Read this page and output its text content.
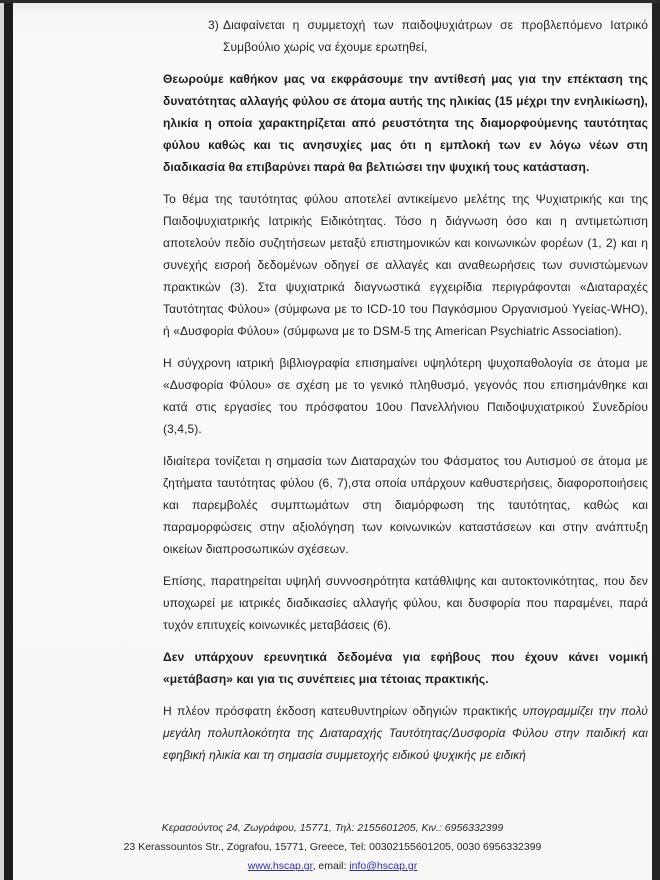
3) Διαφαίνεται η συμμετοχή των παιδοψυχιάτρων σε προβλεπόμενο Ιατρικό Συμβούλιο χωρίς να έχουμε ερωτηθεί,

Θεωρούμε καθήκον μας να εκφράσουμε την αντίθεσή μας για την επέκταση της δυνατότητας αλλαγής φύλου σε άτομα αυτής της ηλικίας (15 μέχρι την ενηλικίωση), ηλικία η οποία χαρακτηρίζεται από ρευστότητα της διαμορφούμενης ταυτότητας φύλου καθώς και τις ανησυχίες μας ότι η εμπλοκή των εν λόγω νέων στη διαδικασία θα επιβαρύνει παρά θα βελτιώσει την ψυχική τους κατάσταση.

Το θέμα της ταυτότητας φύλου αποτελεί αντικείμενο μελέτης της Ψυχιατρικής και της Παιδοψυχιατρικής Ιατρικής Ειδικότητας. Τόσο η διάγνωση όσο και η αντιμετώπιση αποτελούν πεδίο συζητήσεων μεταξύ επιστημονικών και κοινωνικών φορέων (1, 2) και η συνεχής εισροή δεδομένων οδηγεί σε αλλαγές και αναθεωρήσεις των συνιστώμενων πρακτικών (3). Στα ψυχιατρικά διαγνωστικά εγχειρίδια περιγράφονται «Διαταραχές Ταυτότητας Φύλου» (σύμφωνα με το ICD-10 του Παγκόσμιου Οργανισμού Υγείας-WHO), ή «Δυσφορία Φύλου» (σύμφωνα με το DSM-5 της American Psychiatric Association).

Η σύγχρονη ιατρική βιβλιογραφία επισημαίνει υψηλότερη ψυχοπαθολογία σε άτομα με «Δυσφορία Φύλου» σε σχέση με το γενικό πληθυσμό, γεγονός που επισημάνθηκε και κατά στις εργασίες του πρόσφατου 10ου Πανελλήνιου Παιδοψυχιατρικού Συνεδρίου (3,4,5).

Ιδιαίτερα τονίζεται η σημασία των Διαταραχών του Φάσματος του Αυτισμού σε άτομα με ζητήματα ταυτότητας φύλου (6, 7),στα οποία υπάρχουν καθυστερήσεις, διαφοροποιήσεις και παρεμβολές συμπτωμάτων στη διαμόρφωση της ταυτότητας, καθώς και παραμορφώσεις στην αξιολόγηση των κοινωνικών καταστάσεων και στην ανάπτυξη οικείων διαπροσωπικών σχέσεων.

Επίσης, παρατηρείται υψηλή συννοσηρότητα κατάθλιψης και αυτοκτονικότητας, που δεν υποχωρεί με ιατρικές διαδικασίες αλλαγής φύλου, και δυσφορία που παραμένει, παρά τυχόν επιτυχείς κοινωνικές μεταβάσεις (6).

Δεν υπάρχουν ερευνητικά δεδομένα για εφήβους που έχουν κάνει νομική «μετάβαση» και για τις συνέπειες μια τέτοιας πρακτικής.

Η πλέον πρόσφατη έκδοση κατευθυντηρίων οδηγιών πρακτικής υπογραμμίζει την πολύ μεγάλη πολυπλοκότητα της Διαταραχής Ταυτότητας/Δυσφορία Φύλου στην παιδική και εφηβική ηλικία και τη σημασία συμμετοχής ειδικού ψυχικής με ειδική

Κερασούντος 24, Ζωγράφου, 15771, Τηλ: 2155601205, Κιν.: 6956332399
23 Kerassountos Str., Zografou, 15771, Greece, Tel: 00302155601205, 0030 6956332399
www.hscap.gr, email: info@hscap.gr
